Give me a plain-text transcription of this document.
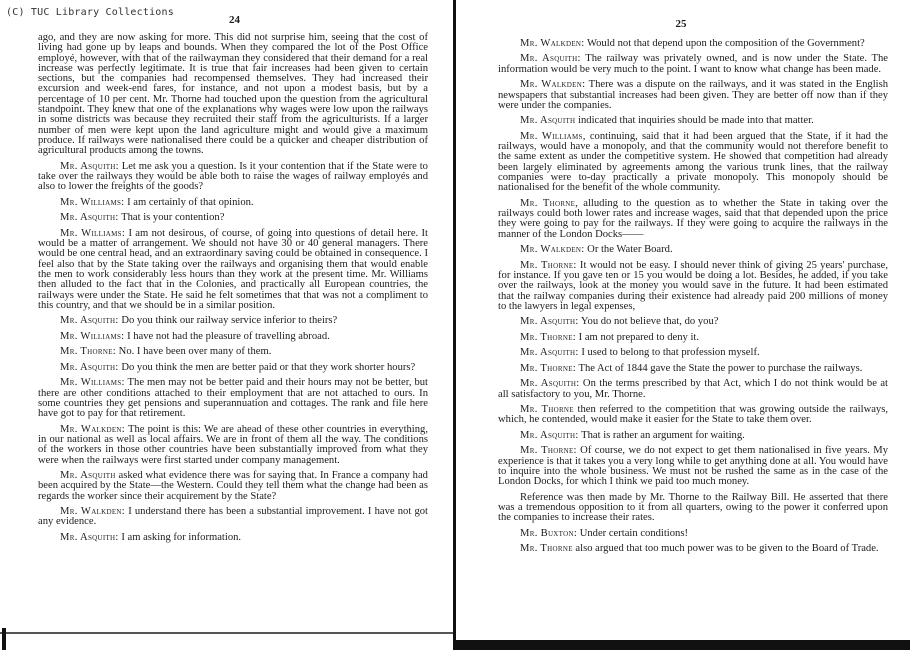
(C) TUC Library Collections
24

ago, and they are now asking for more. This did not surprise him, seeing that the cost of living had gone up by leaps and bounds. When they compared the lot of the Post Office employé, however, with that of the railwayman they considered that their demand for a real increase was perfectly legitimate. It is true that fair increases had been given to certain sections, but the companies had recompensed themselves. They had increased their excursion and week-end fares, for instance, and not upon a modest basis, but by a percentage of 10 per cent. Mr. Thorne had touched upon the question from the agricultural standpoint. They knew that one of the explanations why wages were low upon the railways in some districts was because they recruited their staff from the agriculturists. If a larger number of men were kept upon the land agriculture might and would give a maximum produce. If railways were nationalised there could be a quicker and cheaper distribution of agricultural products among the towns.

Mr. Asquith: Let me ask you a question. Is it your contention that if the State were to take over the railways they would be able both to raise the wages of railway employés and also to lower the freights of the goods?

Mr. Williams: I am certainly of that opinion.

Mr. Asquith: That is your contention?

Mr. Williams: I am not desirous, of course, of going into questions of detail here. It would be a matter of arrangement. We should not have 30 or 40 general managers. There would be one central head, and an extraordinary saving could be obtained in consequence. I feel also that by the State taking over the railways and organising them that would enable the men to work considerably less hours than they work at the present time. Mr. Williams then alluded to the fact that in the Colonies, and practically all European countries, the railways were under the State. He said he felt sometimes that that was not a compliment to this country, and that we should be in a similar position.

Mr. Asquith: Do you think our railway service inferior to theirs?

Mr. Williams: I have not had the pleasure of travelling abroad.

Mr. Thorne: No. I have been over many of them.

Mr. Asquith: Do you think the men are better paid or that they work shorter hours?

Mr. Williams: The men may not be better paid and their hours may not be better, but there are other conditions attached to their employment that are not attached to ours. In some countries they get pensions and superannuation and cottages. The rank and file here have got to pay for that retirement.

Mr. Walkden: The point is this: We are ahead of these other countries in everything, in our national as well as local affairs. We are in front of them all the way. The conditions of the workers in those other countries have been substantially improved from what they were when the railways were first started under company management.

Mr. Asquith asked what evidence there was for saying that. In France a company had been acquired by the State—the Western. Could they tell them what the change had been as regards the worker since their acquirement by the State?

Mr. Walkden: I understand there has been a substantial improvement. I have not got any evidence.

Mr. Asquith: I am asking for information.

25

Mr. Walkden: Would not that depend upon the composition of the Government?

Mr. Asquith: The railway was privately owned, and is now under the State. The information would be very much to the point. I want to know what change has been made.

Mr. Walkden: There was a dispute on the railways, and it was stated in the English newspapers that substantial increases had been given. They are better off now than if they were under the companies.

Mr. Asquith indicated that inquiries should be made into that matter.

Mr. Williams, continuing, said that it had been argued that the State, if it had the railways, would have a monopoly, and that the community would not therefore benefit to the same extent as under the competitive system. He showed that competition had already been largely eliminated by agreements among the various trunk lines, that the railway companies were to-day practically a private monopoly. This monopoly should be nationalised for the benefit of the whole community.

Mr. Thorne, alluding to the question as to whether the State in taking over the railways could both lower rates and increase wages, said that that depended upon the price they were going to pay for the railways. If they were going to acquire the railways in the manner of the London Docks——

Mr. Walkden: Or the Water Board.

Mr. Thorne: It would not be easy. I should never think of giving 25 years' purchase, for instance. If you gave ten or 15 you would be doing a lot. Besides, he added, if you take over the railways, look at the money you would save in the future. It had been estimated that the railway companies during their existence had already paid 200 millions of money to the lawyers in legal expenses,

Mr. Asquith: You do not believe that, do you?

Mr. Thorne: I am not prepared to deny it.

Mr. Asquith: I used to belong to that profession myself.

Mr. Thorne: The Act of 1844 gave the State the power to purchase the railways.

Mr. Asquith: On the terms prescribed by that Act, which I do not think would be at all satisfactory to you, Mr. Thorne.

Mr. Thorne then referred to the competition that was growing outside the railways, which, he contended, would make it easier for the State to take them over.

Mr. Asquith: That is rather an argument for waiting.

Mr. Thorne: Of course, we do not expect to get them nationalised in five years. My experience is that it takes you a very long while to get anything done at all. You would have to inquire into the whole business. We must not be rushed the same as in the case of the London Docks, for which I think we paid too much money.

Reference was then made by Mr. Thorne to the Railway Bill. He asserted that there was a tremendous opposition to it from all quarters, owing to the power it conferred upon the companies to increase their rates.

Mr. Buxton: Under certain conditions!

Mr. Thorne also argued that too much power was to be given to the Board of Trade.
